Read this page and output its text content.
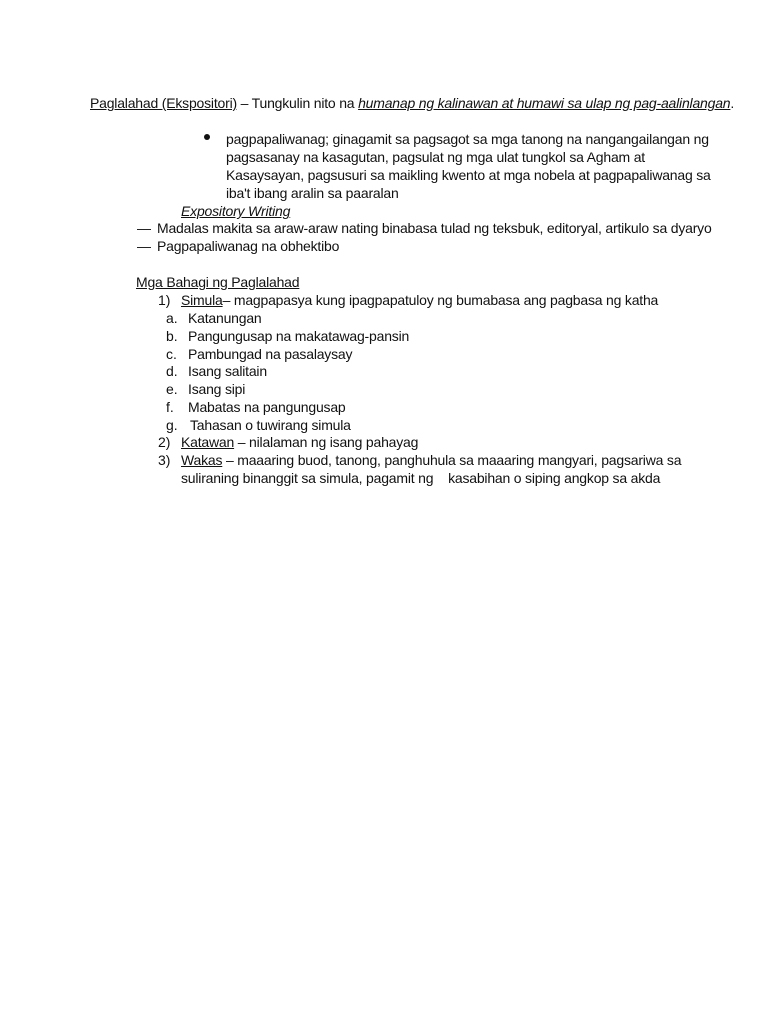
Paglalahad (Ekspositori) – Tungkulin nito na humanap ng kalinawan at humawi sa ulap ng pag-aalinlangan.
pagpapaliwanag; ginagamit sa pagsagot sa mga tanong na nangangailangan ng
pagsasanay na kasagutan, pagsulat ng mga ulat tungkol sa Agham at
Kasaysayan, pagsusuri sa maikling kwento at mga nobela at pagpapaliwanag sa
iba't ibang aralin sa paaralan
Expository Writing
— Madalas makita sa araw-araw nating binabasa tulad ng teksbuk, editoryal, artikulo sa dyaryo
— Pagpapaliwanag na obhektibo
Mga Bahagi ng Paglalahad
1) Simula– magpapasya kung ipagpapatuloy ng bumabasa ang pagbasa ng katha
a. Katanungan
b. Pangungusap na makatawag-pansin
c. Pambungad na pasalaysay
d. Isang salitain
e. Isang sipi
f. Mabatas na pangungusap
g. Tahasan o tuwirang simula
2) Katawan – nilalaman ng isang pahayag
3) Wakas – maaaring buod, tanong, panghuhula sa maaaring mangyari, pagsariwa sa
suliraning binanggit sa simula, pagamit ng    kasabihan o siping angkop sa akda
